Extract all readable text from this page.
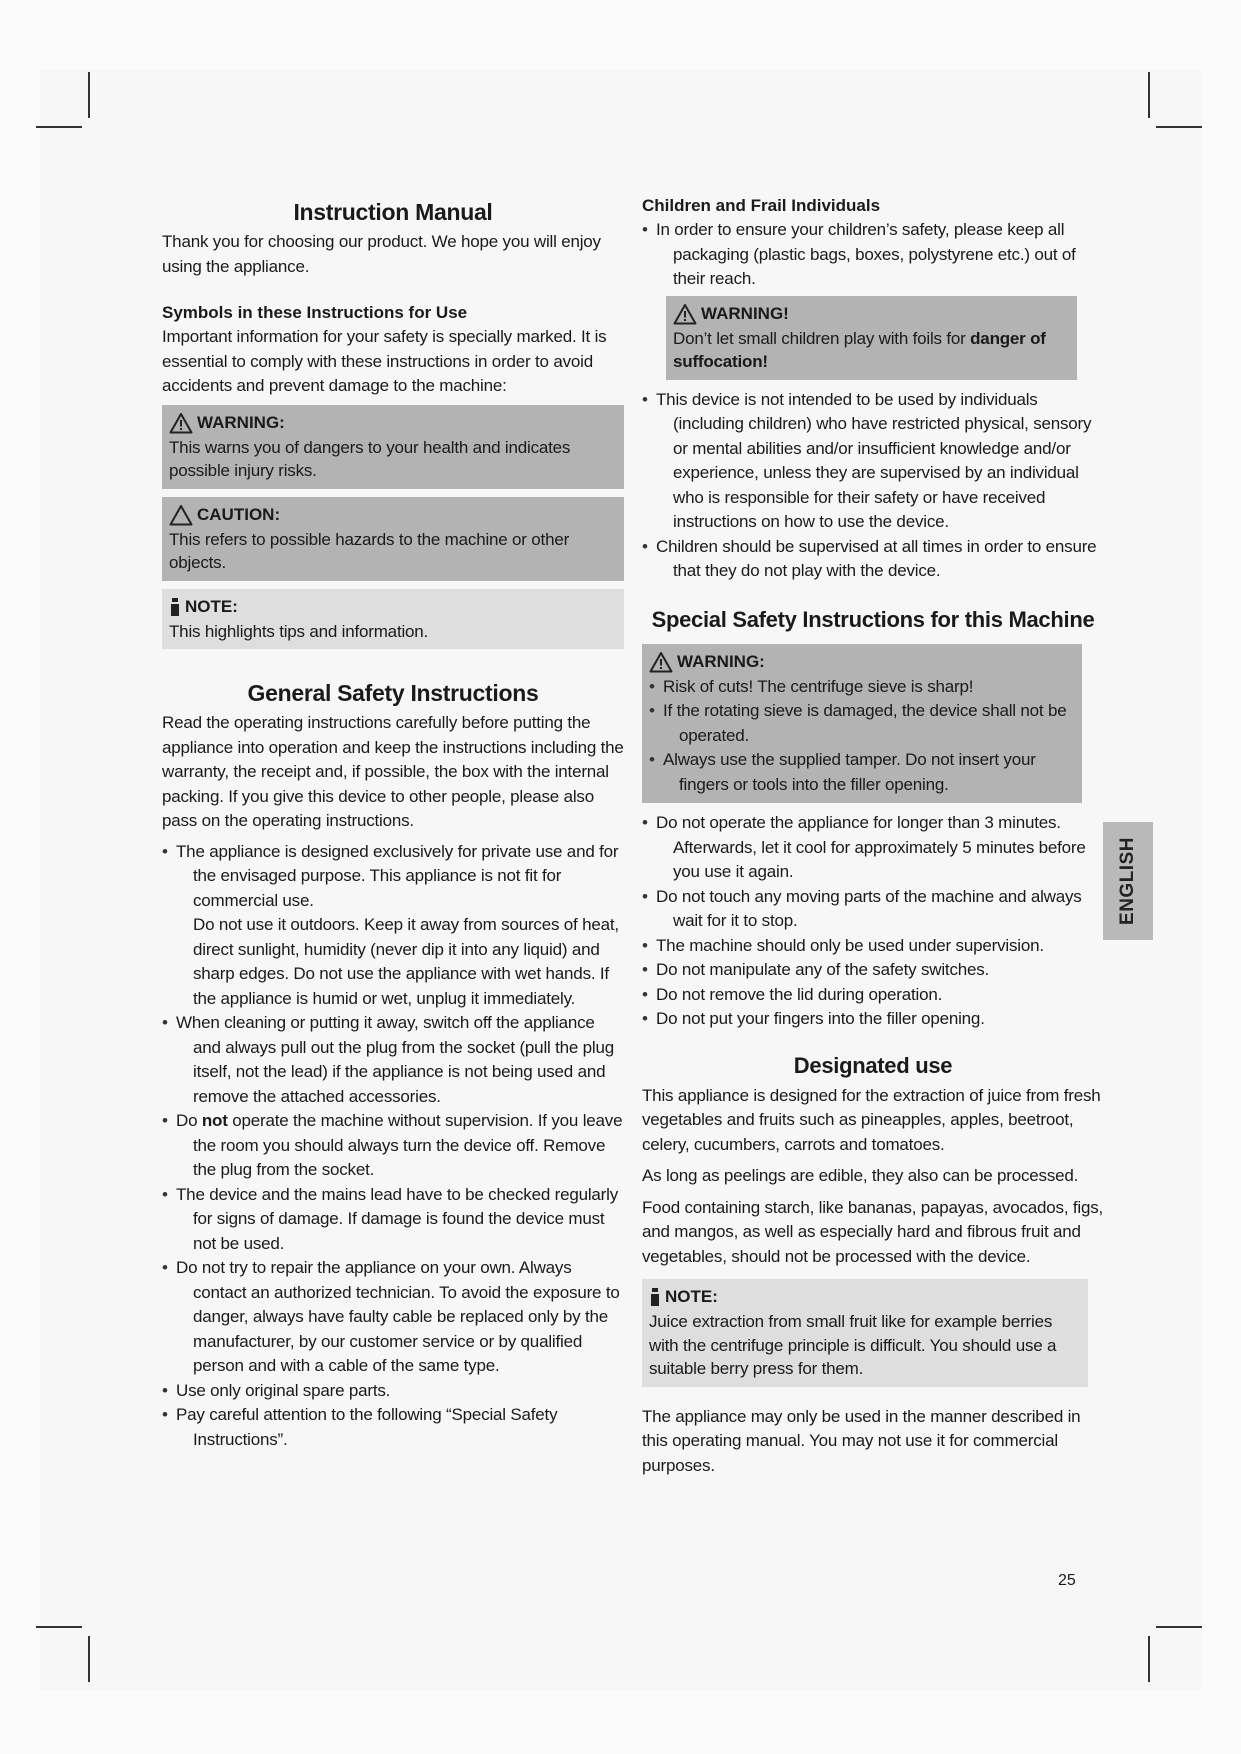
Instruction Manual

Thank you for choosing our product. We hope you will enjoy using the appliance.

Symbols in these Instructions for Use

Important information for your safety is specially marked. It is essential to comply with these instructions in order to avoid accidents and prevent damage to the machine:

WARNING:

This warns you of dangers to your health and indicates possible injury risks.

CAUTION:

This refers to possible hazards to the machine or other objects.

NOTE:

This highlights tips and information.

General Safety Instructions

Read the operating instructions carefully before putting the appliance into operation and keep the instructions including the warranty, the receipt and, if possible, the box with the internal packing. If you give this device to other people, please also pass on the operating instructions.

• The appliance is designed exclusively for private use and for the envisaged purpose. This appliance is not fit for commercial use.
Do not use it outdoors. Keep it away from sources of heat, direct sunlight, humidity (never dip it into any liquid) and sharp edges. Do not use the appliance with wet hands. If the appliance is humid or wet, unplug it immediately.
• When cleaning or putting it away, switch off the appliance and always pull out the plug from the socket (pull the plug itself, not the lead) if the appliance is not being used and remove the attached accessories.
• Do not operate the machine without supervision. If you leave the room you should always turn the device off. Remove the plug from the socket.
• The device and the mains lead have to be checked regularly for signs of damage. If damage is found the device must not be used.
• Do not try to repair the appliance on your own. Always contact an authorized technician. To avoid the exposure to danger, always have faulty cable be replaced only by the manufacturer, by our customer service or by qualified person and with a cable of the same type.
• Use only original spare parts.
• Pay careful attention to the following “Special Safety Instructions”.
Children and Frail Individuals
• In order to ensure your children’s safety, please keep all packaging (plastic bags, boxes, polystyrene etc.) out of their reach.
WARNING!

Don’t let small children play with foils for danger of suffocation!

• This device is not intended to be used by individuals (including children) who have restricted physical, sensory or mental abilities and/or insufficient knowledge and/or experience, unless they are supervised by an individual who is responsible for their safety or have received instructions on how to use the device.
• Children should be supervised at all times in order to ensure that they do not play with the device.
Special Safety Instructions for this Machine
WARNING:
• Risk of cuts! The centrifuge sieve is sharp!
• If the rotating sieve is damaged, the device shall not be operated.
• Always use the supplied tamper. Do not insert your fingers or tools into the filler opening.
• Do not operate the appliance for longer than 3 minutes. Afterwards, let it cool for approximately 5 minutes before you use it again.
• Do not touch any moving parts of the machine and always wait for it to stop.
• The machine should only be used under supervision.
• Do not manipulate any of the safety switches.
• Do not remove the lid during operation.
• Do not put your fingers into the filler opening.
Designated use

This appliance is designed for the extraction of juice from fresh vegetables and fruits such as pineapples, apples, beetroot, celery, cucumbers, carrots and tomatoes.

As long as peelings are edible, they also can be processed.

Food containing starch, like bananas, papayas, avocados, figs, and mangos, as well as especially hard and fibrous fruit and vegetables, should not be processed with the device.

NOTE:

Juice extraction from small fruit like for example berries with the centrifuge principle is difficult. You should use a suitable berry press for them.

The appliance may only be used in the manner described in this operating manual. You may not use it for commercial purposes.

ENGLISH
25
